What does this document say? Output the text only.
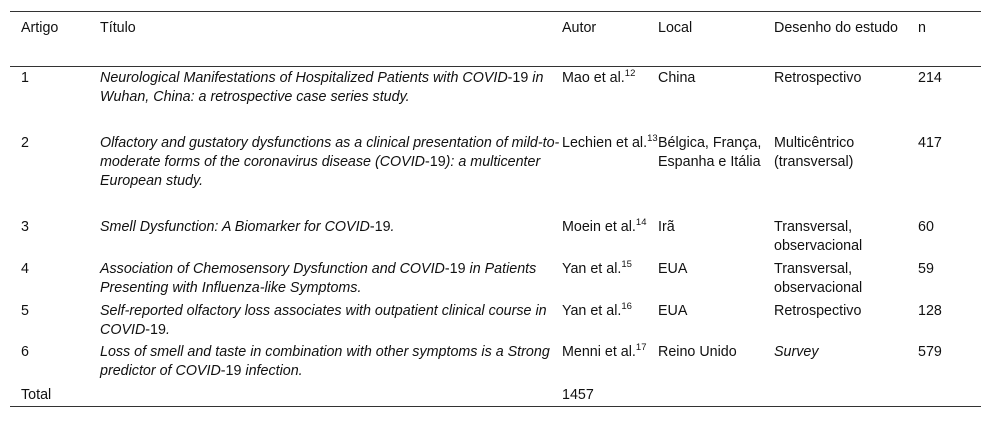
Artigo	Título	Autor	Local	Desenho do estudo	n
1	Neurological Manifestations of Hospitalized Patients with COVID-19 in Wuhan, China: a retrospective case series study.	Mao et al.$^{12}$	China	Retrospectivo	214
2	Olfactory and gustatory dysfunctions as a clinical presentation of mild-to-moderate forms of the coronavirus disease (COVID-19): a multicenter European study.	Lechien et al.$^{13}$	Bélgica, França, Espanha e Itália	Multicêntrico (transversal)	417
3	Smell Dysfunction: A Biomarker for COVID-19.	Moein et al.$^{14}$	Irã	Transversal, observacional	60
4	Association of Chemosensory Dysfunction and COVID-19 in Patients Presenting with Influenza-like Symptoms.	Yan et al.$^{15}$	EUA	Transversal, observacional	59
5	Self-reported olfactory loss associates with outpatient clinical course in COVID-19.	Yan et al.$^{16}$	EUA	Retrospectivo	128
6	Loss of smell and taste in combination with other symptoms is a Strong predictor of COVID-19 infection.	Menni et al.$^{17}$	Reino Unido	Survey	579
Total		1457			
